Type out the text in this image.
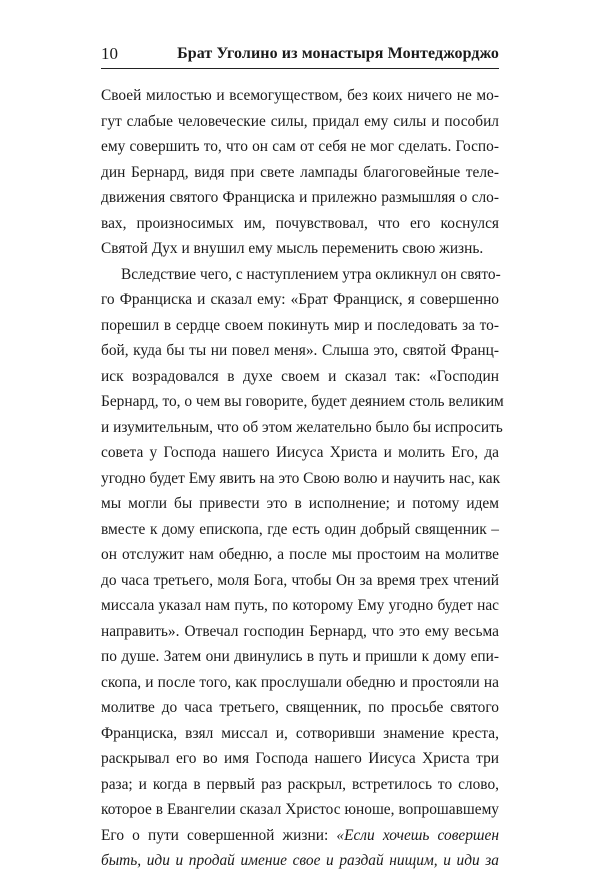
10	Брат Уголино из монастыря Монтеджорджо
Своей милостью и всемогуществом, без коих ничего не мо-
гут слабые человеческие силы, придал ему силы и пособил
ему совершить то, что он сам от себя не мог сделать. Госпо-
дин Бернард, видя при свете лампады благоговейные теле-
движения святого Франциска и прилежно размышляя о сло-
вах, произносимых им, почувствовал, что его коснулся
Святой Дух и внушил ему мысль переменить свою жизнь.
Вследствие чего, с наступлением утра окликнул он свято-
го Франциска и сказал ему: «Брат Франциск, я совершенно
порешил в сердце своем покинуть мир и последовать за то-
бой, куда бы ты ни повел меня». Слыша это, святой Франц-
иск возрадовался в духе своем и сказал так: «Господин
Бернард, то, о чем вы говорите, будет деянием столь великим
и изумительным, что об этом желательно было бы испросить
совета у Господа нашего Иисуса Христа и молить Его, да
угодно будет Ему явить на это Свою волю и научить нас, как
мы могли бы привести это в исполнение; и потому идем
вместе к дому епископа, где есть один добрый священник –
он отслужит нам обедню, а после мы простоим на молитве
до часа третьего, моля Бога, чтобы Он за время трех чтений
миссала указал нам путь, по которому Ему угодно будет нас
направить». Отвечал господин Бернард, что это ему весьма
по душе. Затем они двинулись в путь и пришли к дому епи-
скопа, и после того, как прослушали обедню и простояли на
молитве до часа третьего, священник, по просьбе святого
Франциска, взял миссал и, сотворивши знамение креста,
раскрывал его во имя Господа нашего Иисуса Христа три
раза; и когда в первый раз раскрыл, встретилось то слово,
которое в Евангелии сказал Христос юноше, вопрошавшему
Его о пути совершенной жизни: «Если хочешь совершен
быть, иди и продай имение свое и раздай нищим, и иди за
